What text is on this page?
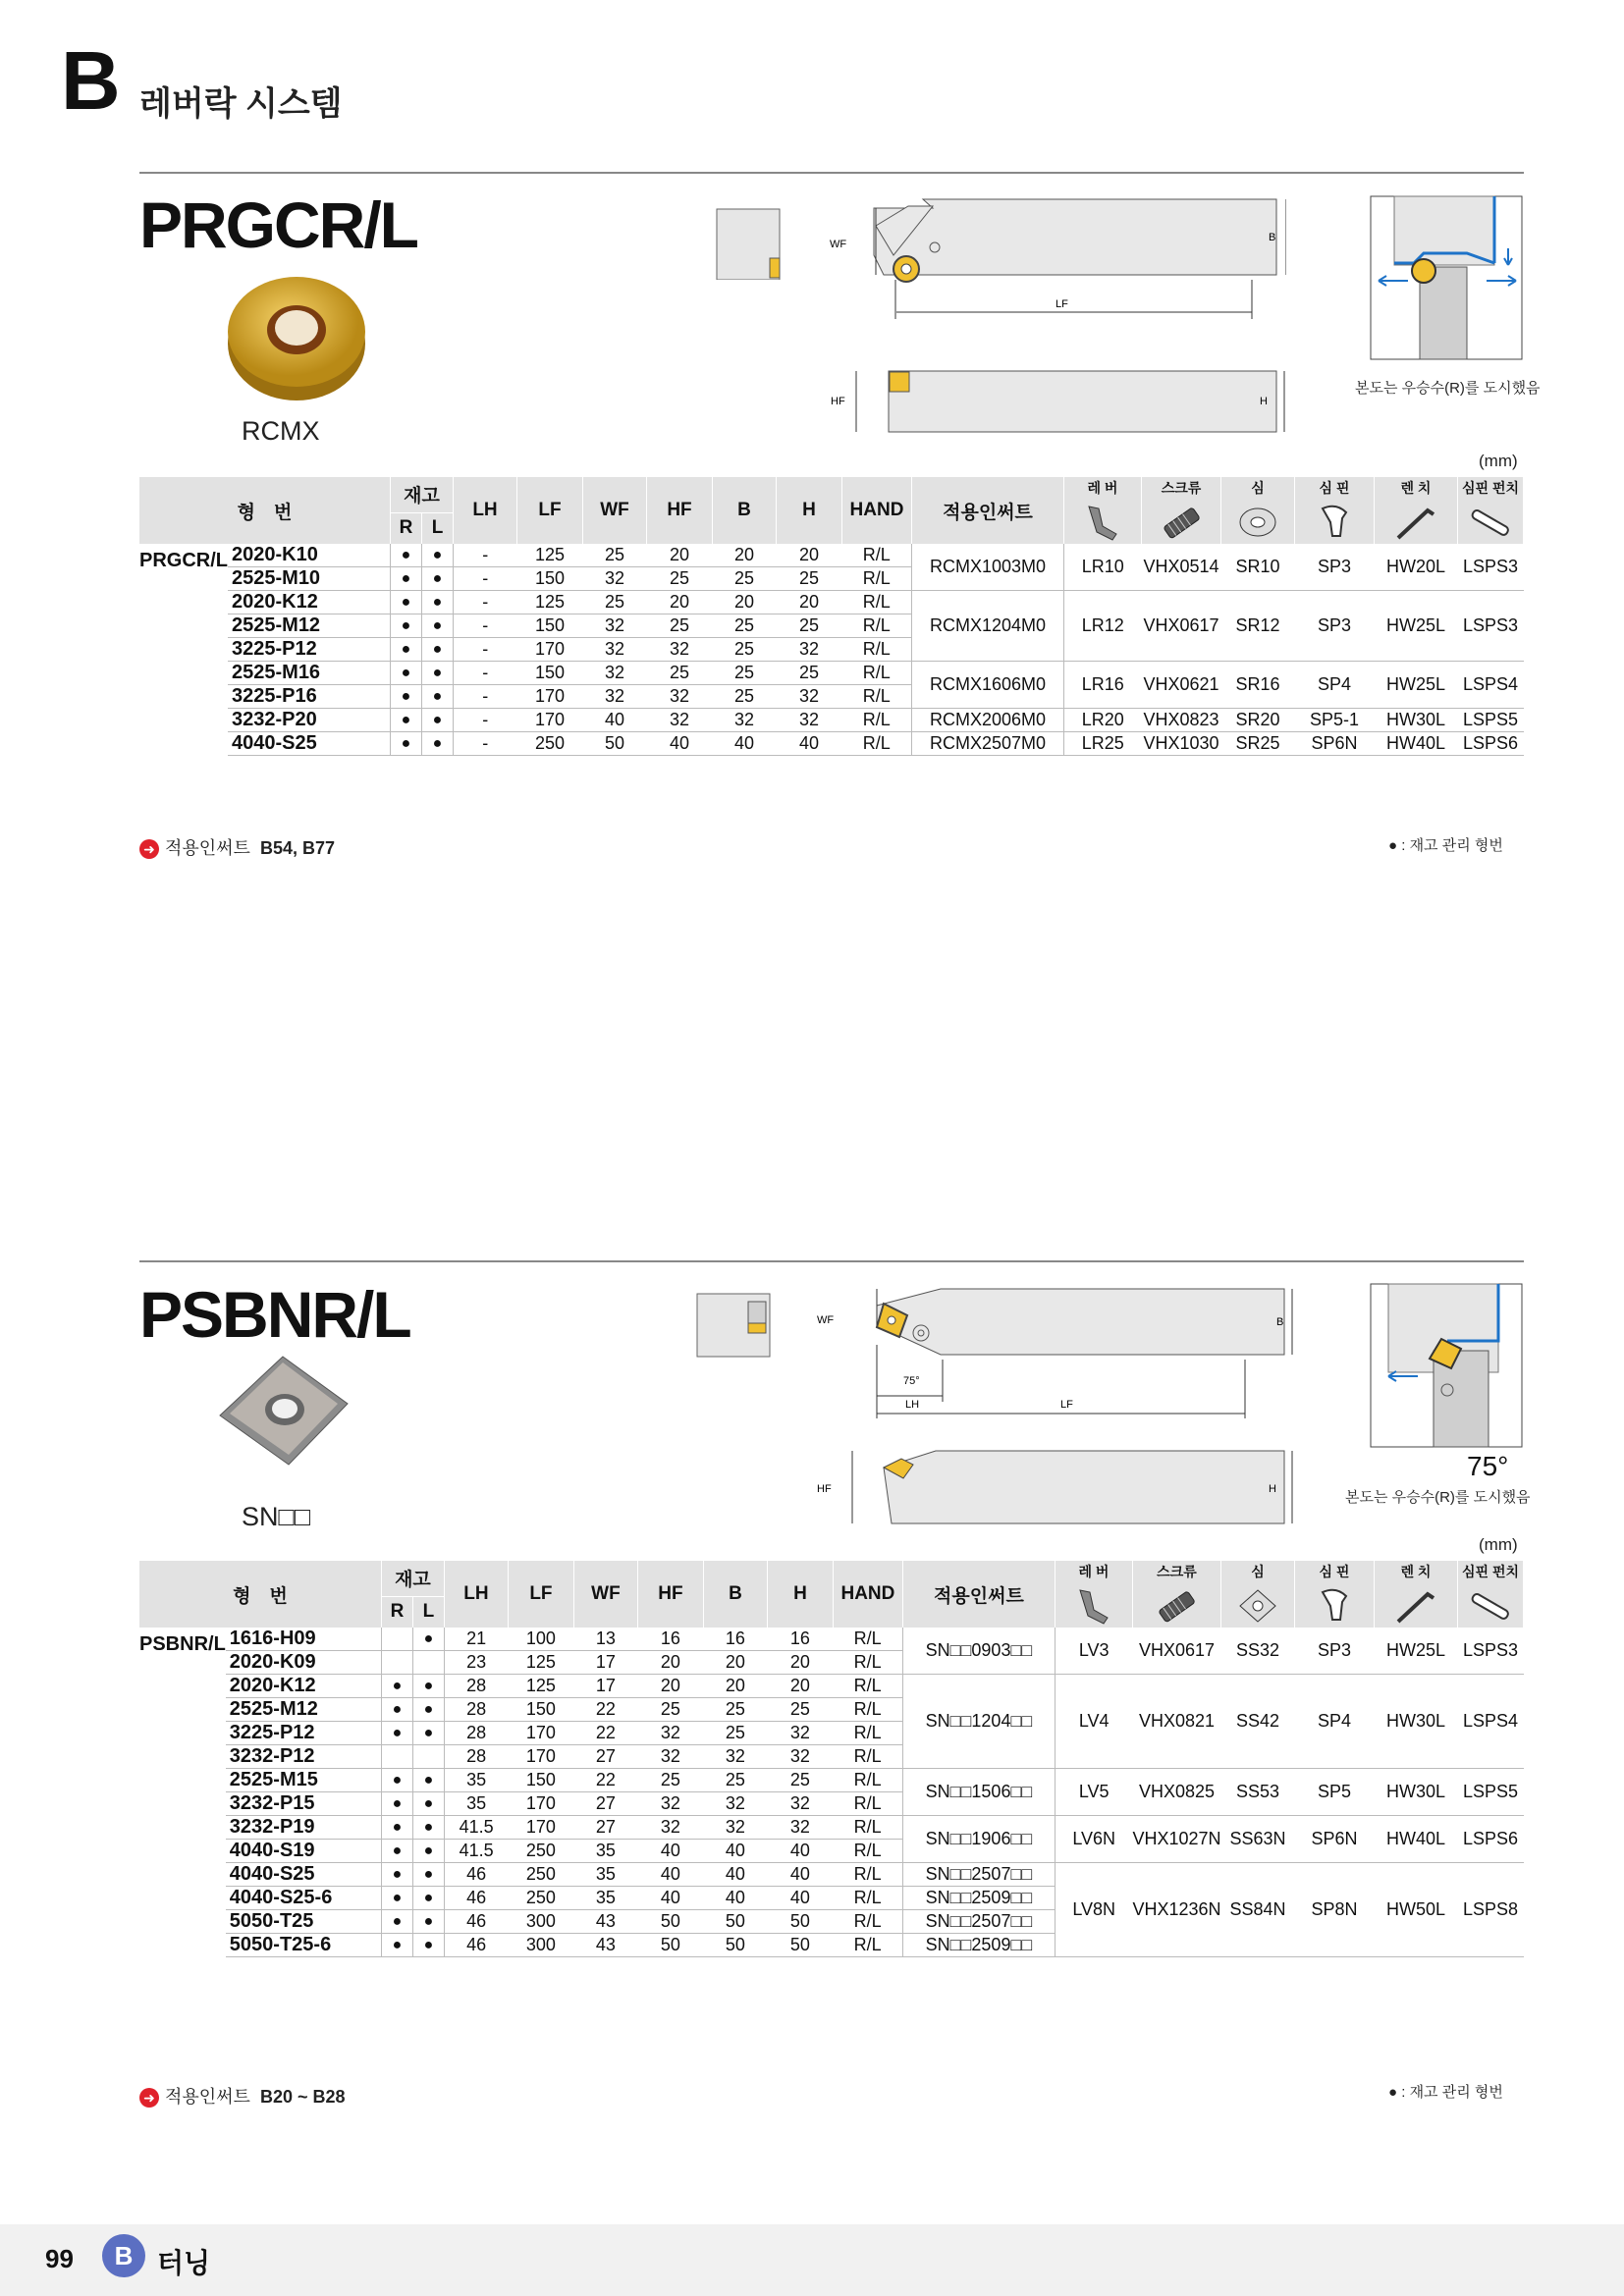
B 레버락 시스템
PRGCR/L
RCMX
WF
B
LF
HF	H
본도는 우승수(R)를 도시했음
(mm)
형　번		재고		LH	LF	WF	HF	B	H	HAND	적용인써트	레 버	스크류	심	심 핀	렌 치	심핀 펀치

		R	L														
PRGCR/L	2020-K10	●	●	-	125	25	20	20	20	R/L	RCMX1003M0	LR10	VHX0514	SR10	SP3	HW20L	LSPS3
	2525-M10	●	●	-	150	32	25	25	25	R/L							
	2020-K12	●	●	-	125	25	20	20	20	R/L	RCMX1204M0	LR12	VHX0617	SR12	SP3	HW25L	LSPS3
	2525-M12	●	●	-	150	32	25	25	25	R/L							
	3225-P12	●	●	-	170	32	32	25	32	R/L							
	2525-M16	●	●	-	150	32	25	25	25	R/L	RCMX1606M0	LR16	VHX0621	SR16	SP4	HW25L	LSPS4
	3225-P16	●	●	-	170	32	32	25	32	R/L							
	3232-P20	●	●	-	170	40	32	32	32	R/L	RCMX2006M0	LR20	VHX0823	SR20	SP5-1	HW30L	LSPS5
	4040-S25	●	●	-	250	50	40	40	40	R/L	RCMX2507M0	LR25	VHX1030	SR25	SP6N	HW40L	LSPS6
➜ 적용인써트 B54, B77	● : 재고 관리 형번
PSBNR/L
SN□□
WF	B
75°
LH	LF
HF	H
75°
본도는 우승수(R)를 도시했음
(mm)
형　번		재고		LH	LF	WF	HF	B	H	HAND	적용인써트	레 버	스크류	심	심 핀	렌 치	심핀 펀치

		R	L														
PSBNR/L	1616-H09		●	21	100	13	16	16	16	R/L	SN□□0903□□	LV3	VHX0617	SS32	SP3	HW25L	LSPS3
	2020-K09			23	125	17	20	20	20	R/L							
	2020-K12	●	●	28	125	17	20	20	20	R/L	SN□□1204□□	LV4	VHX0821	SS42	SP4	HW30L	LSPS4
	2525-M12	●	●	28	150	22	25	25	25	R/L							
	3225-P12	●	●	28	170	22	32	25	32	R/L							
	3232-P12			28	170	27	32	32	32	R/L							
	2525-M15	●	●	35	150	22	25	25	25	R/L	SN□□1506□□	LV5	VHX0825	SS53	SP5	HW30L	LSPS5
	3232-P15	●	●	35	170	27	32	32	32	R/L							
	3232-P19	●	●	41.5	170	27	32	32	32	R/L	SN□□1906□□	LV6N	VHX1027N	SS63N	SP6N	HW40L	LSPS6
	4040-S19	●	●	41.5	250	35	40	40	40	R/L							
	4040-S25	●	●	46	250	35	40	40	40	R/L	SN□□2507□□	LV8N	VHX1236N	SS84N	SP8N	HW50L	LSPS8
	4040-S25-6	●	●	46	250	35	40	40	40	R/L	SN□□2509□□						
	5050-T25	●	●	46	300	43	50	50	50	R/L	SN□□2507□□						
	5050-T25-6	●	●	46	300	43	50	50	50	R/L	SN□□2509□□						
➜ 적용인써트 B20 ~ B28	● : 재고 관리 형번
99	B 터닝
